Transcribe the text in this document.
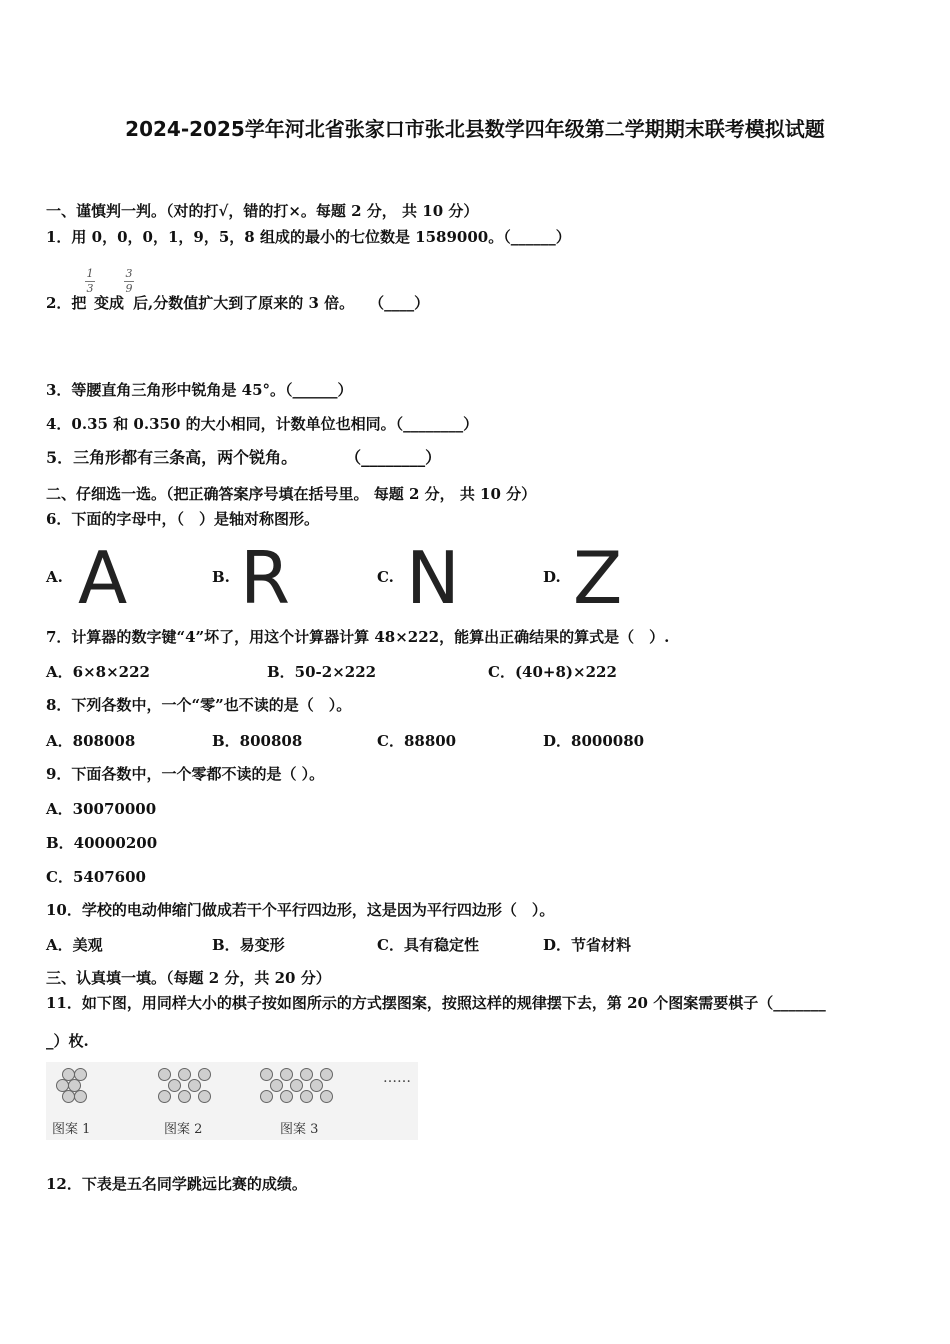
2024-2025学年河北省张家口市张北县数学四年级第二学期期末联考模拟试题
一、谨慎判一判。（对的打√，错的打×。每题 2 分， 共 10 分）
1．用 0，0，0，1，9，5，8 组成的最小的七位数是 1589000。（______）
2．把
1
3
变成
3
9
后,分数值扩大到了原来的 3 倍。　　（____）
3．等腰直角三角形中锐角是 45°。（______）
4．0.35 和 0.350 的大小相同，计数单位也相同。（________）
5．三角形都有三条高，两个锐角。　　　　（________）
二、仔细选一选。（把正确答案序号填在括号里。 每题 2 分， 共 10 分）
6．下面的字母中，（　）是轴对称图形。
A. A	B. R	C. N	D. Z
7．计算器的数字键“4”坏了，用这个计算器计算 48×222，能算出正确结果的算式是（　）.
A．6×8×222	B．50-2×222	C．(40+8)×222
8．下列各数中，一个“零”也不读的是（　）。
A．808008	B．800808	C．88800	D．8000080
9．下面各数中，一个零都不读的是（ ）。
A．30070000
B．40000200
C．5407600
10．学校的电动伸缩门做成若干个平行四边形，这是因为平行四边形（　）。
A．美观	B．易变形	C．具有稳定性	D．节省材料
三、认真填一填。（每题 2 分，共 20 分）
11．如下图，用同样大小的棋子按如图所示的方式摆图案，按照这样的规律摆下去，第 20 个图案需要棋子（_______
_）枚.
……
图案 1	图案 2	图案 3
12．下表是五名同学跳远比赛的成绩。
